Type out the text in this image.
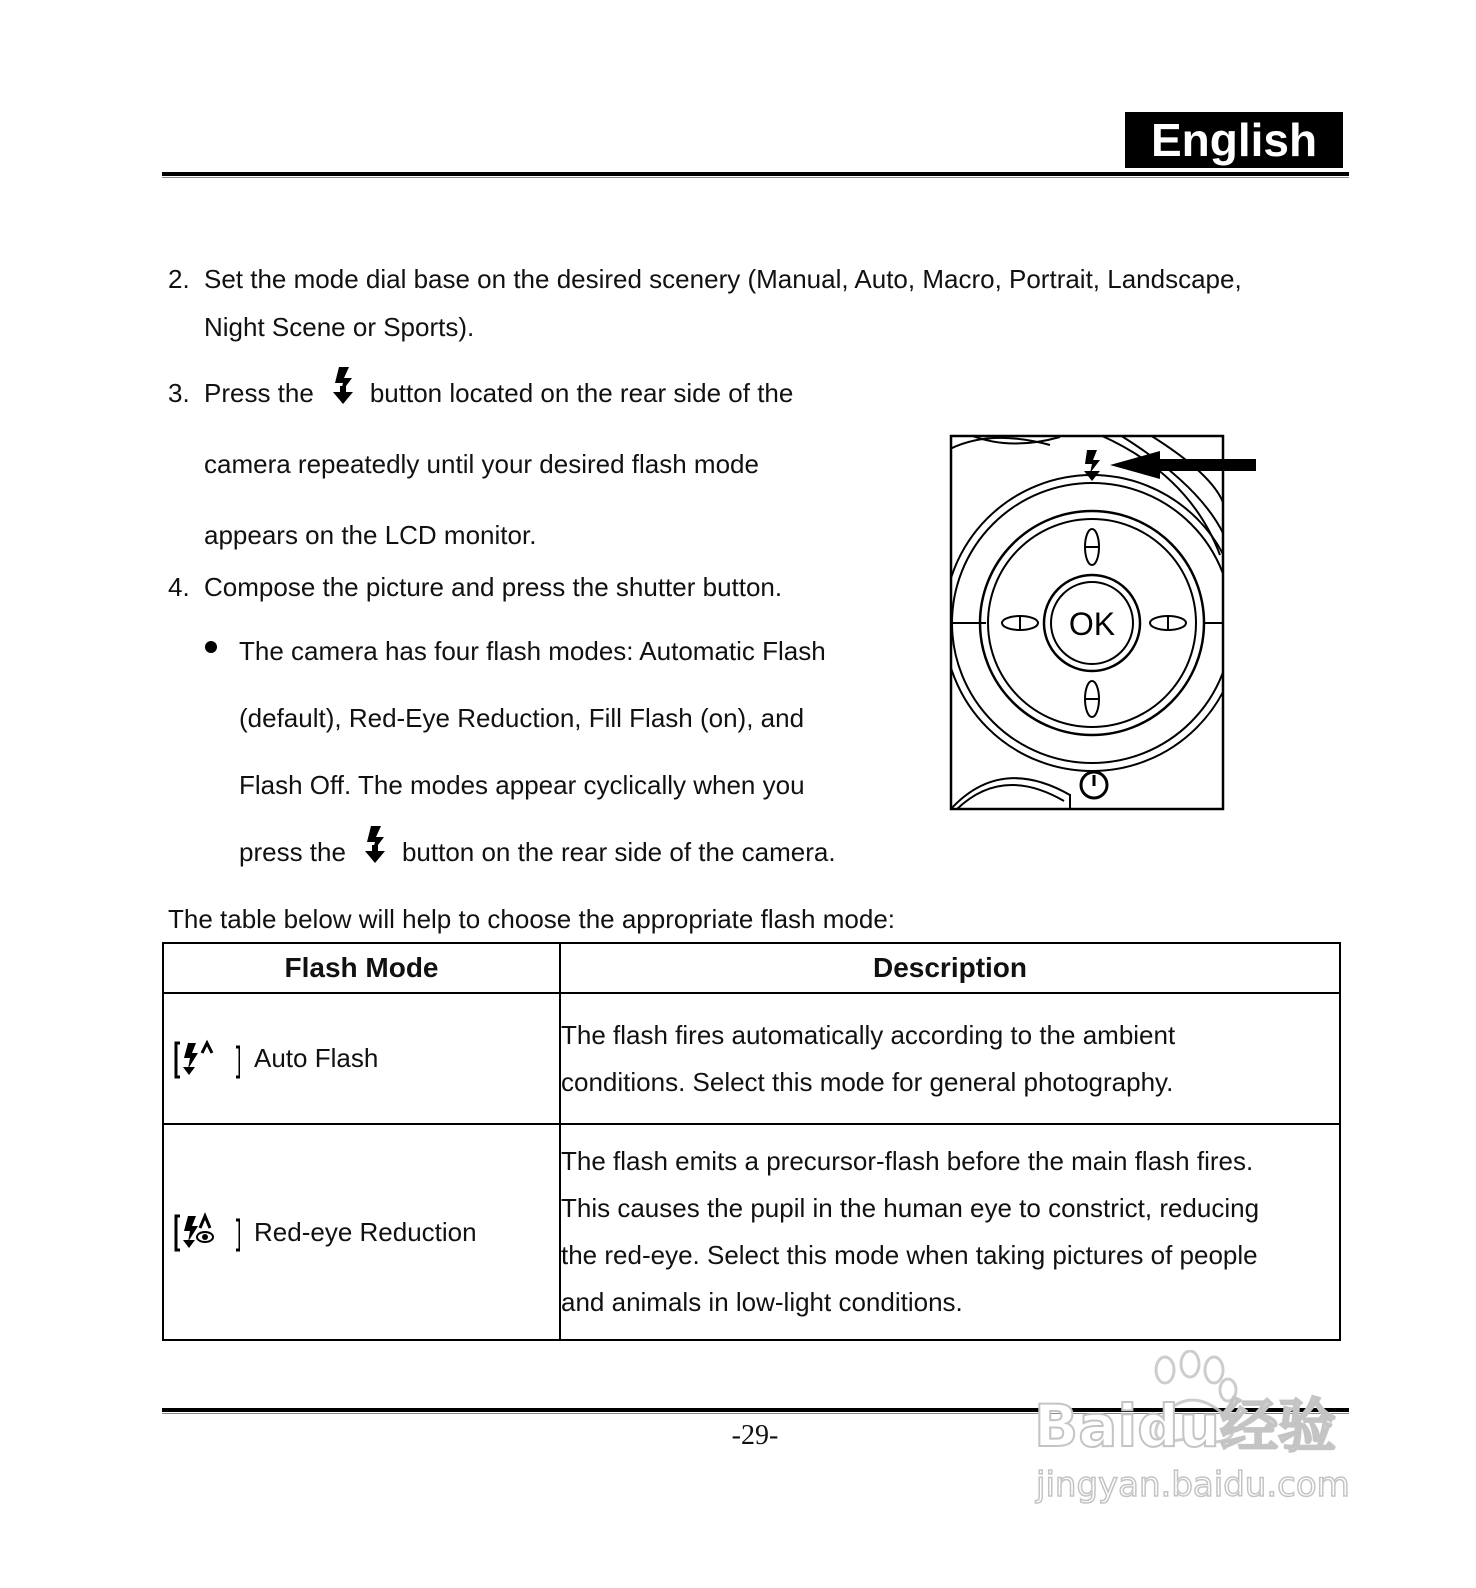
English
2. Set the mode dial base on the desired scenery (Manual, Auto, Macro, Portrait, Landscape,
Night Scene or Sports).
3. Press the button located on the rear side of the
camera repeatedly until your desired flash mode
appears on the LCD monitor.
4. Compose the picture and press the shutter button.
The camera has four flash modes: Automatic Flash
(default), Red-Eye Reduction, Fill Flash (on), and
Flash Off. The modes appear cyclically when you
press the button on the rear side of the camera.
OK
The table below will help to choose the appropriate flash mode:
Flash Mode	Description

Auto Flash	The flash fires automatically according to the ambient
conditions. Select this mode for general photography.

Red-eye Reduction	The flash emits a precursor-flash before the main flash fires.
This causes the pupil in the human eye to constrict, reducing
the red-eye. Select this mode when taking pictures of people
and animals in low-light conditions.
-29-	Baidu经验
jingyan.baidu.com
